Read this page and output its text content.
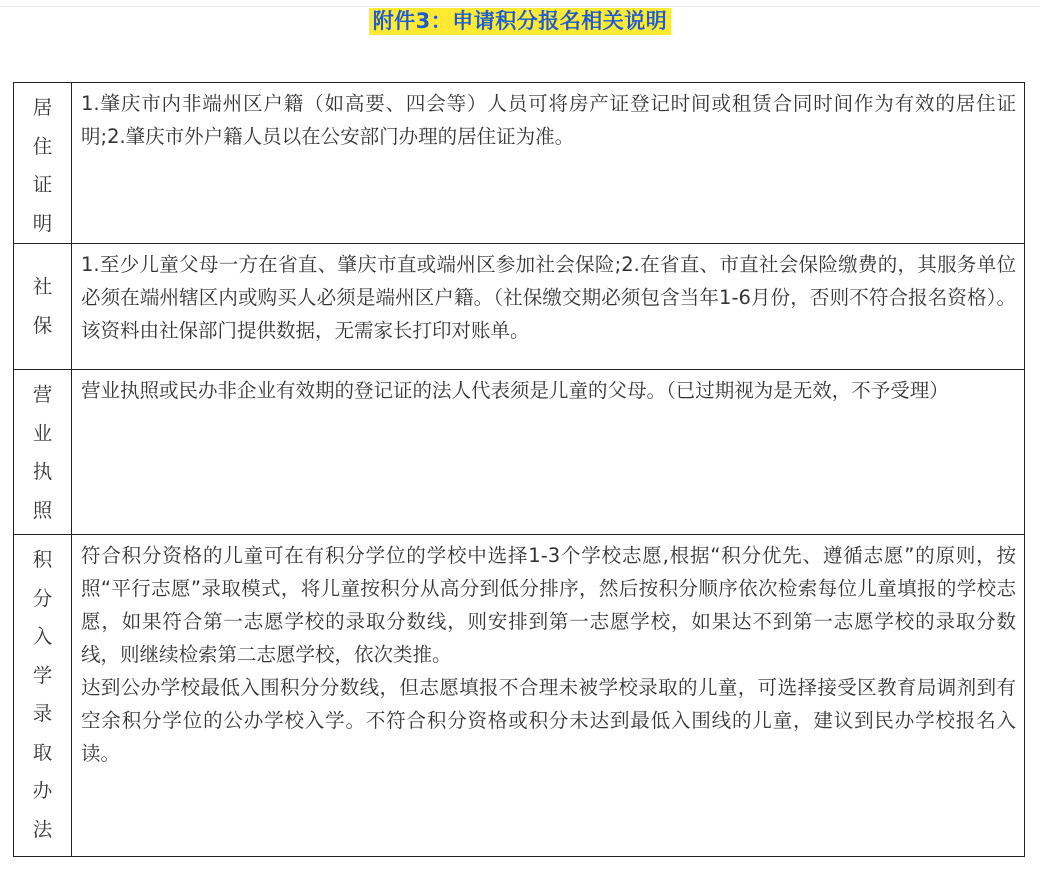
附件3：申请积分报名相关说明
居住证明	1.肇庆市内非端州区户籍（如高要、四会等）人员可将房产证登记时间或租赁合同时间作为有效的居住证明;2.肇庆市外户籍人员以在公安部门办理的居住证为准。

社保	1.至少儿童父母一方在省直、肇庆市直或端州区参加社会保险;2.在省直、市直社会保险缴费的，其服务单位必须在端州辖区内或购买人必须是端州区户籍。（社保缴交期必须包含当年1-6月份，否则不符合报名资格）。该资料由社保部门提供数据，无需家长打印对账单。

营业执照	营业执照或民办非企业有效期的登记证的法人代表须是儿童的父母。（已过期视为是无效，不予受理）

积分入学录取办法	符合积分资格的儿童可在有积分学位的学校中选择1-3个学校志愿,根据“积分优先、遵循志愿”的原则，按照“平行志愿”录取模式，将儿童按积分从高分到低分排序，然后按积分顺序依次检索每位儿童填报的学校志愿，如果符合第一志愿学校的录取分数线，则安排到第一志愿学校，如果达不到第一志愿学校的录取分数线，则继续检索第二志愿学校，依次类推。
达到公办学校最低入围积分分数线，但志愿填报不合理未被学校录取的儿童，可选择接受区教育局调剂到有空余积分学位的公办学校入学。不符合积分资格或积分未达到最低入围线的儿童，建议到民办学校报名入读。
